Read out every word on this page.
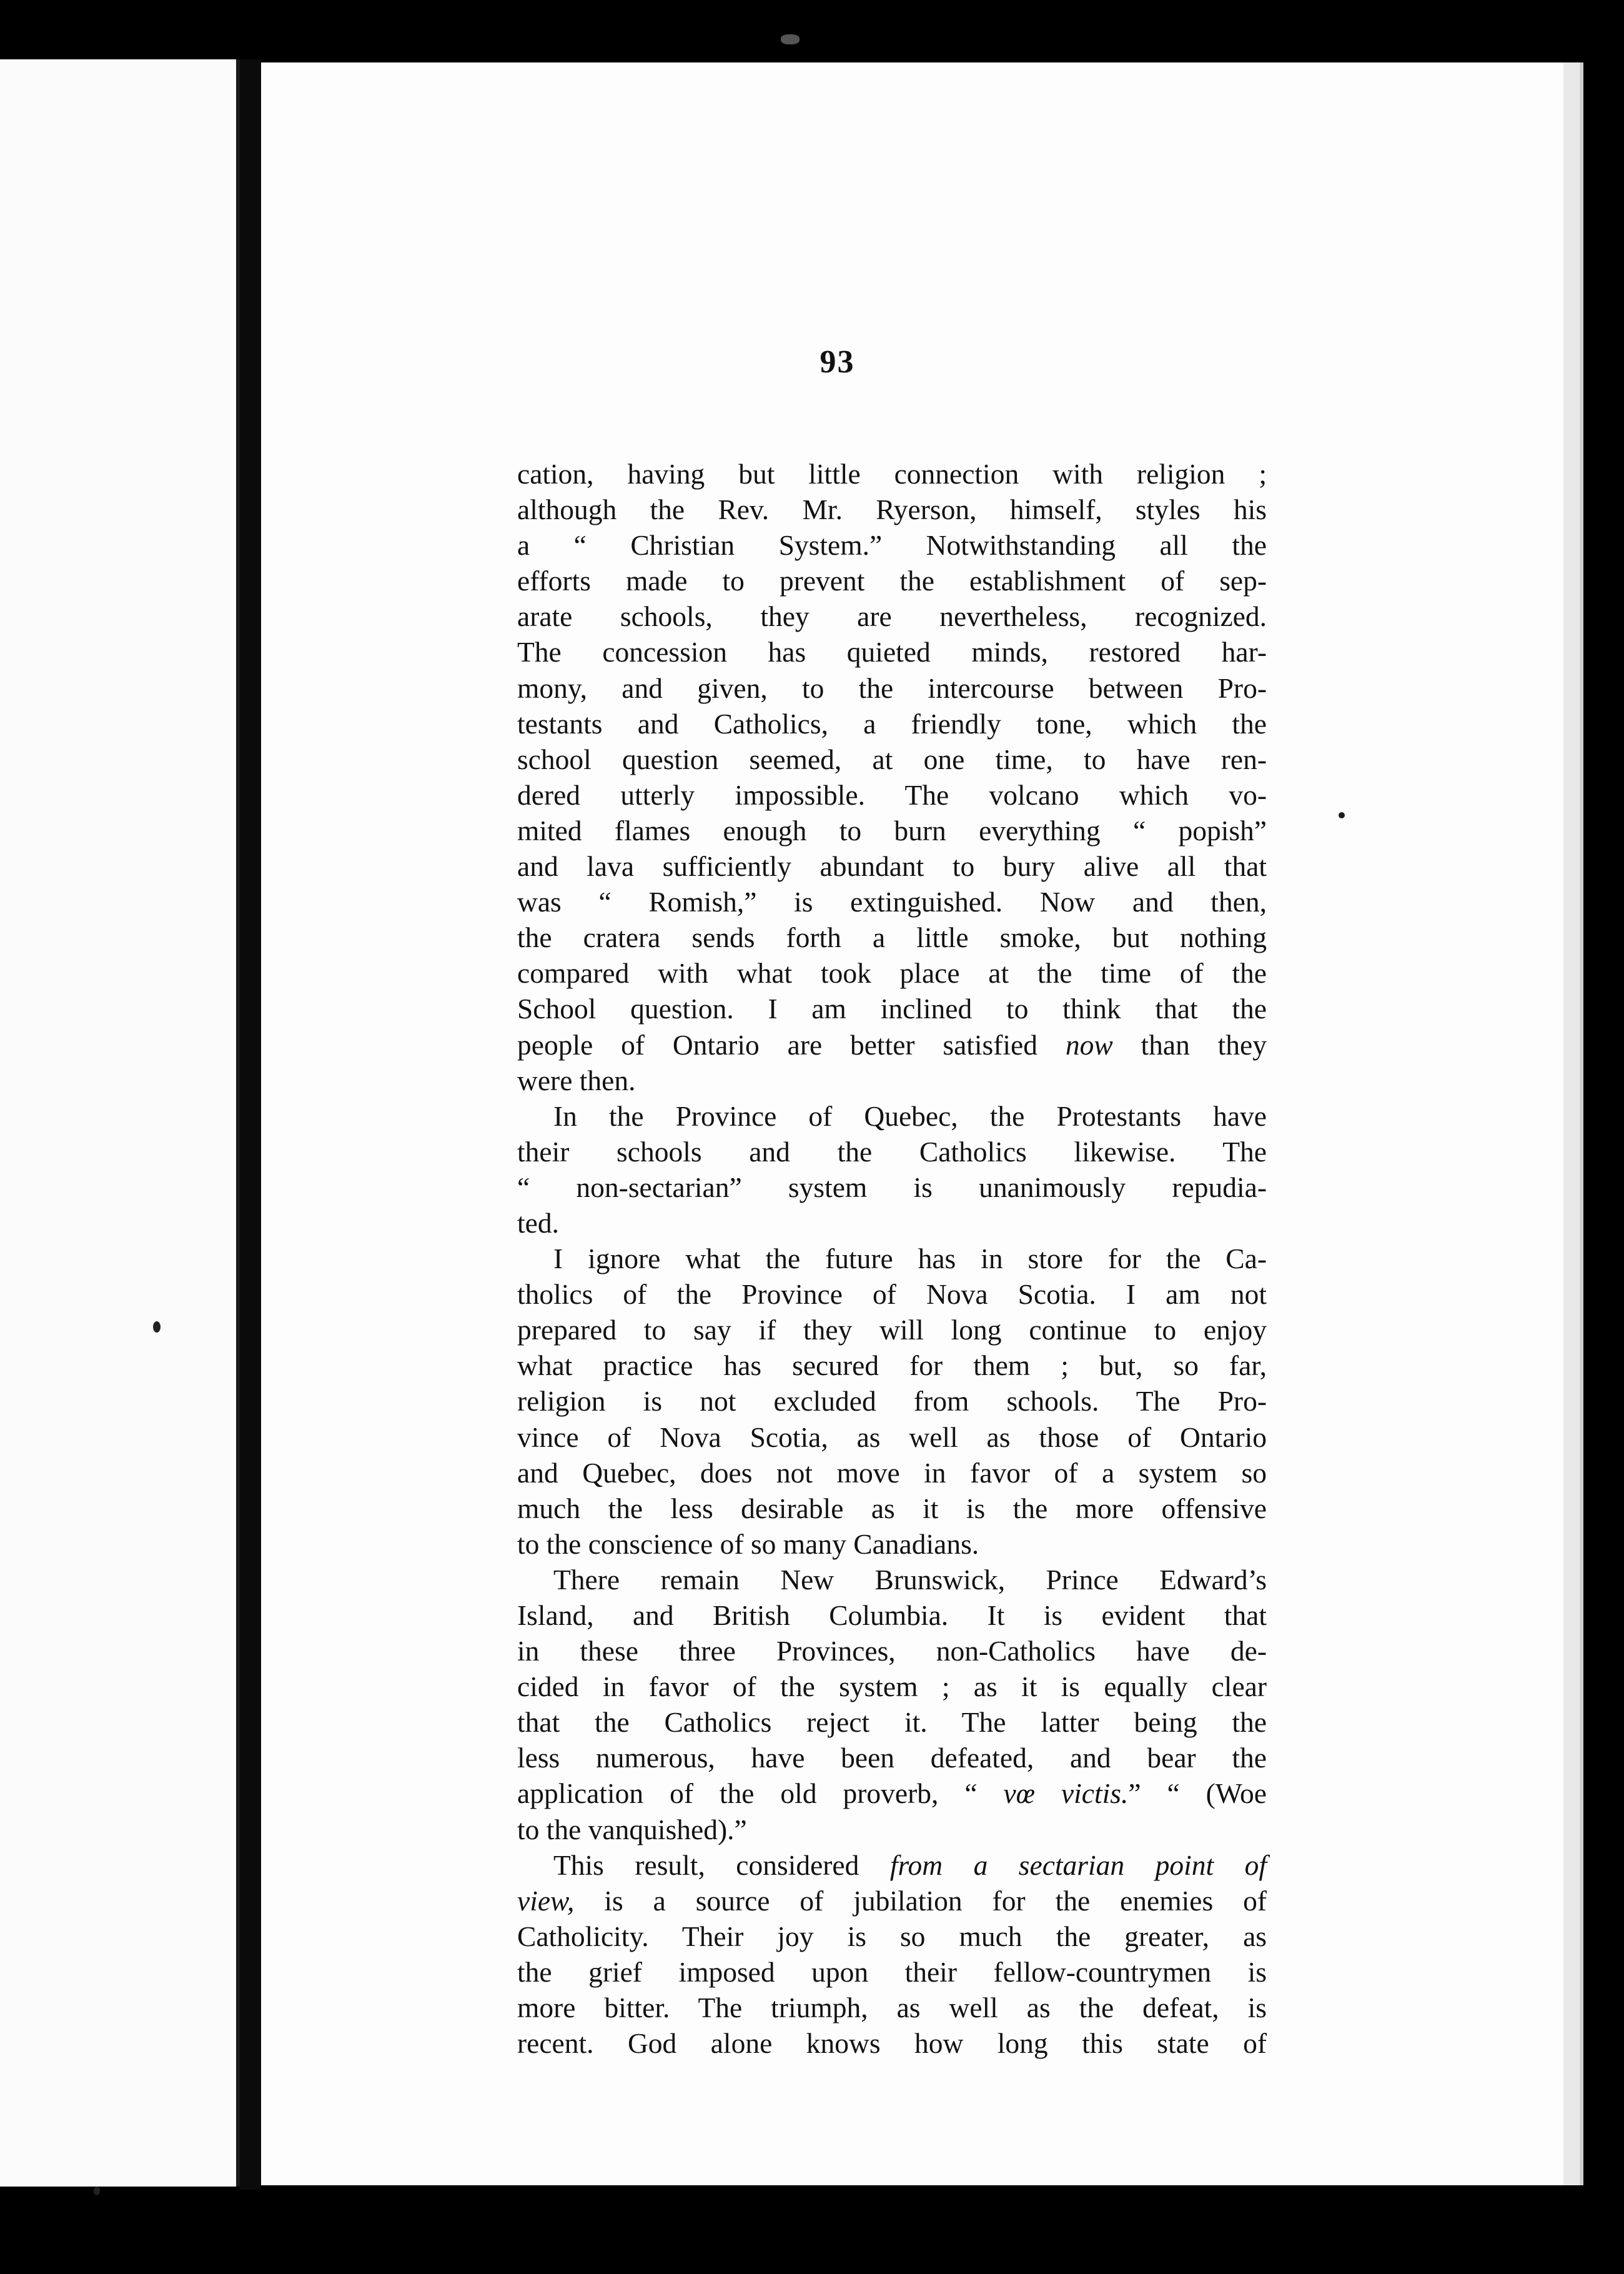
93
cation, having but little connection with religion ;
although the Rev. Mr. Ryerson, himself, styles his
a “ Christian System.” Notwithstanding all the
efforts made to prevent the establishment of sep-
arate schools, they are nevertheless, recognized.
The concession has quieted minds, restored har-
mony, and given, to the intercourse between Pro-
testants and Catholics, a friendly tone, which the
school question seemed, at one time, to have ren-
dered utterly impossible. The volcano which vo-
mited flames enough to burn everything “ popish”
and lava sufficiently abundant to bury alive all that
was “ Romish,” is extinguished. Now and then,
the cratera sends forth a little smoke, but nothing
compared with what took place at the time of the
School question. I am inclined to think that the
people of Ontario are better satisfied now than they
were then.
In the Province of Quebec, the Protestants have
their schools and the Catholics likewise. The
“ non-sectarian” system is unanimously repudia-
ted.
I ignore what the future has in store for the Ca-
tholics of the Province of Nova Scotia. I am not
prepared to say if they will long continue to enjoy
what practice has secured for them ; but, so far,
religion is not excluded from schools. The Pro-
vince of Nova Scotia, as well as those of Ontario
and Quebec, does not move in favor of a system so
much the less desirable as it is the more offensive
to the conscience of so many Canadians.
There remain New Brunswick, Prince Edward’s
Island, and British Columbia. It is evident that
in these three Provinces, non-Catholics have de-
cided in favor of the system ; as it is equally clear
that the Catholics reject it. The latter being the
less numerous, have been defeated, and bear the
application of the old proverb, “ vœ victis.” “ (Woe
to the vanquished).”
This result, considered from a sectarian point of
view, is a source of jubilation for the enemies of
Catholicity. Their joy is so much the greater, as
the grief imposed upon their fellow-countrymen is
more bitter. The triumph, as well as the defeat, is
recent. God alone knows how long this state of
